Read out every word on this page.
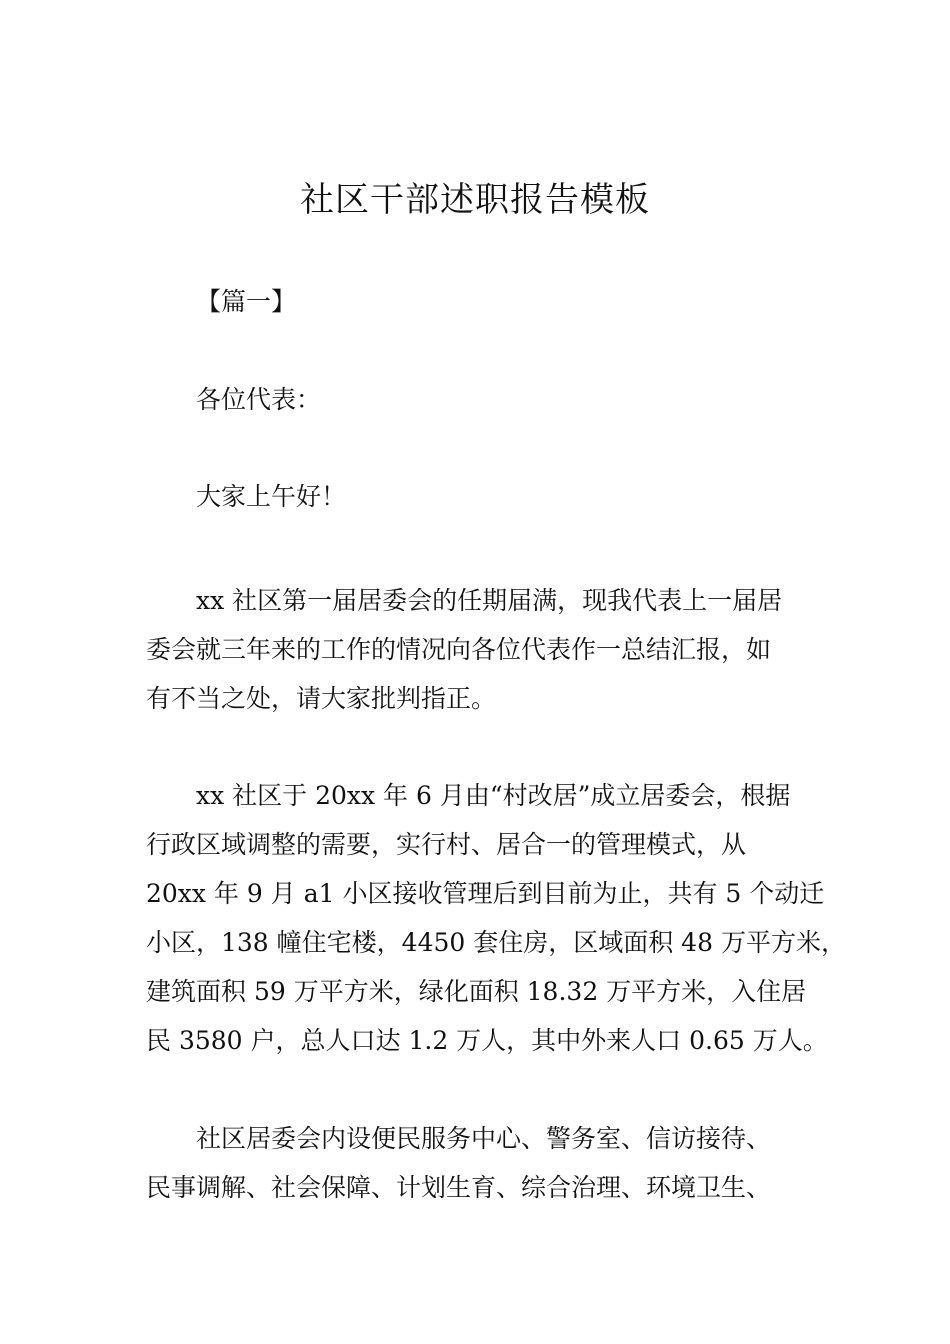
社区干部述职报告模板

【篇一】

各位代表：

大家上午好！

xx 社区第一届居委会的任期届满，现我代表上一届居
委会就三年来的工作的情况向各位代表作一总结汇报，如
有不当之处，请大家批判指正。
xx 社区于 20xx 年 6 月由“村改居”成立居委会，根据
行政区域调整的需要，实行村、居合一的管理模式，从
20xx 年 9 月 a1 小区接收管理后到目前为止，共有 5 个动迁
小区，138 幢住宅楼，4450 套住房，区域面积 48 万平方米，
建筑面积 59 万平方米，绿化面积 18.32 万平方米，入住居
民 3580 户，总人口达 1.2 万人，其中外来人口 0.65 万人。
社区居委会内设便民服务中心、警务室、信访接待、
民事调解、社会保障、计划生育、综合治理、环境卫生、
